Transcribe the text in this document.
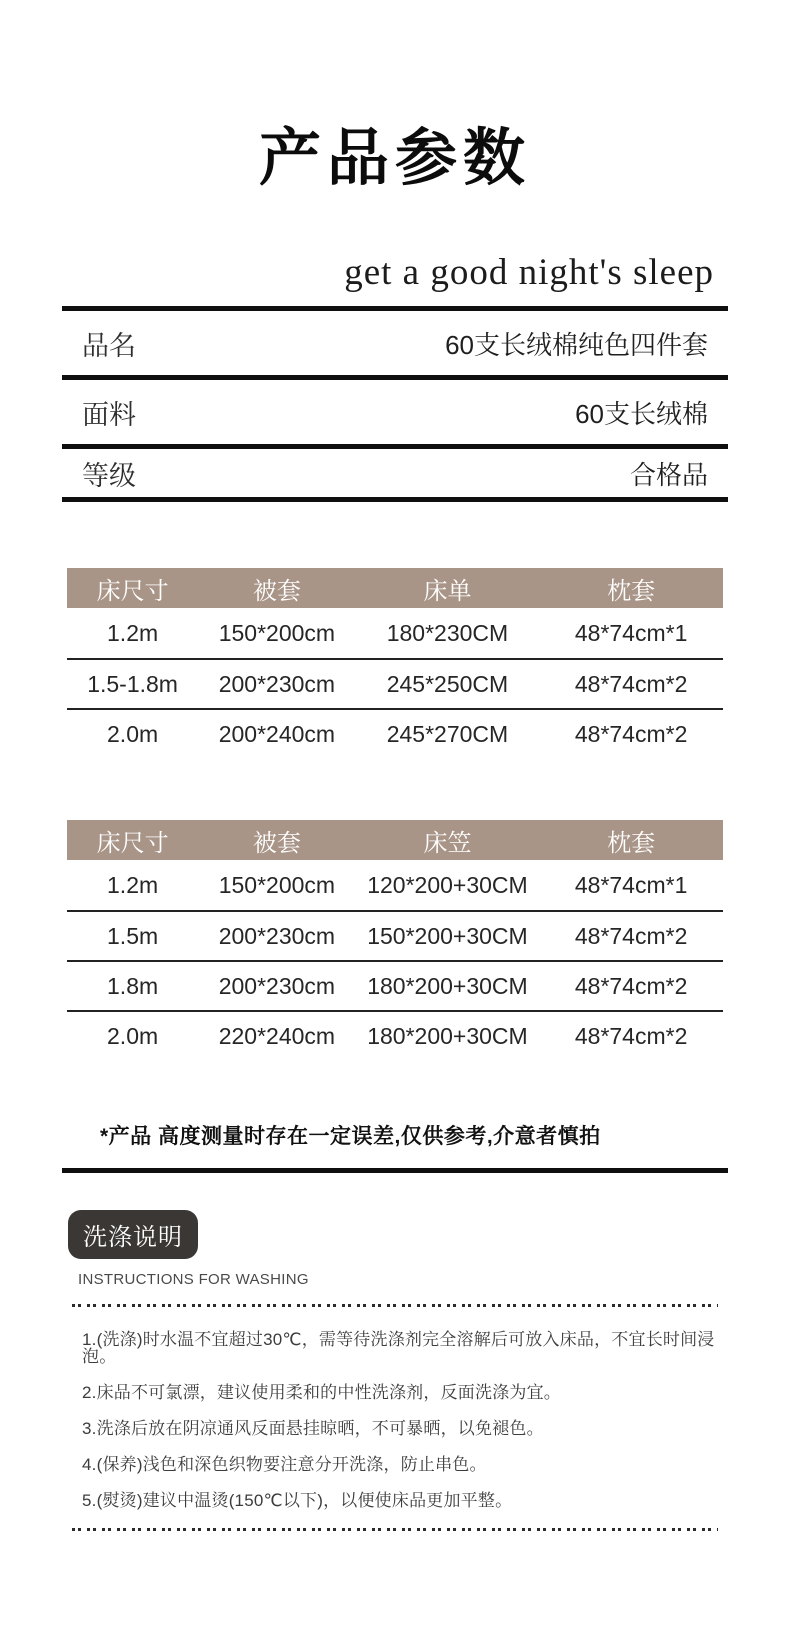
产品参数
get a good night's sleep
品名	60支长绒棉纯色四件套
面料	60支长绒棉
等级	合格品
床尺寸	被套	床单	枕套
1.2m	150*200cm	180*230CM	48*74cm*1
1.5-1.8m	200*230cm	245*250CM	48*74cm*2
2.0m	200*240cm	245*270CM	48*74cm*2
床尺寸	被套	床笠	枕套
1.2m	150*200cm	120*200+30CM	48*74cm*1
1.5m	200*230cm	150*200+30CM	48*74cm*2
1.8m	200*230cm	180*200+30CM	48*74cm*2
2.0m	220*240cm	180*200+30CM	48*74cm*2
*产品 高度测量时存在一定误差,仅供参考,介意者慎拍
洗涤说明
INSTRUCTIONS FOR WASHING
1.(洗涤)时水温不宜超过30℃，需等待洗涤剂完全溶解后可放入床品，不宜长时间浸泡。
2.床品不可氯漂，建议使用柔和的中性洗涤剂，反面洗涤为宜。
3.洗涤后放在阴凉通风反面悬挂晾晒，不可暴晒，以免褪色。
4.(保养)浅色和深色织物要注意分开洗涤，防止串色。
5.(熨烫)建议中温烫(150℃以下)，以便使床品更加平整。
